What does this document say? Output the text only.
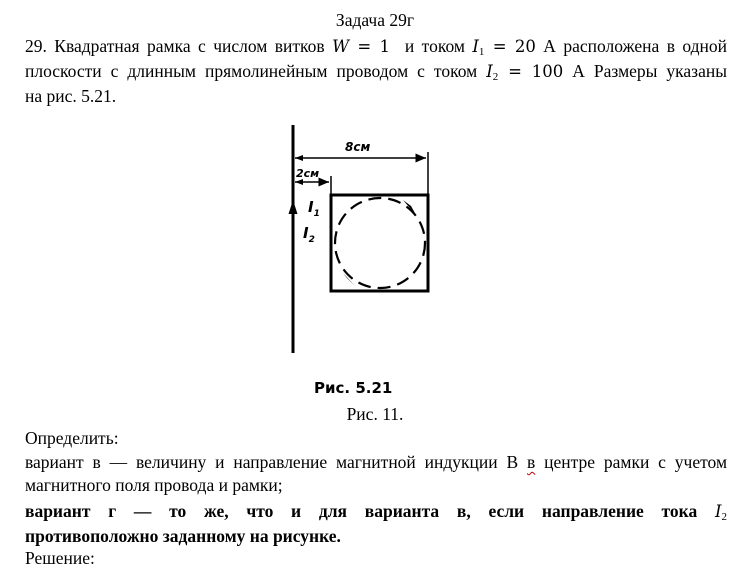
Задача 29г
29. Квадратная рамка с числом витков W = 1 и током $I_1 = 20$ А расположена в одной
плоскости с длинным прямолинейным проводом с током $I_2 = 100$ А Размеры указаны
на рис. 5.21.
8см
2см
$I_1$
$I_2$
Рис. 5.21
Рис. 11.
Определить:
вариант в — величину и направление магнитной индукции В в центре рамки с учетом
магнитного поля провода и рамки;
вариант г — то же, что и для варианта в, если направление тока $I_2$
противоположно заданному на рисунке.
Решение:
